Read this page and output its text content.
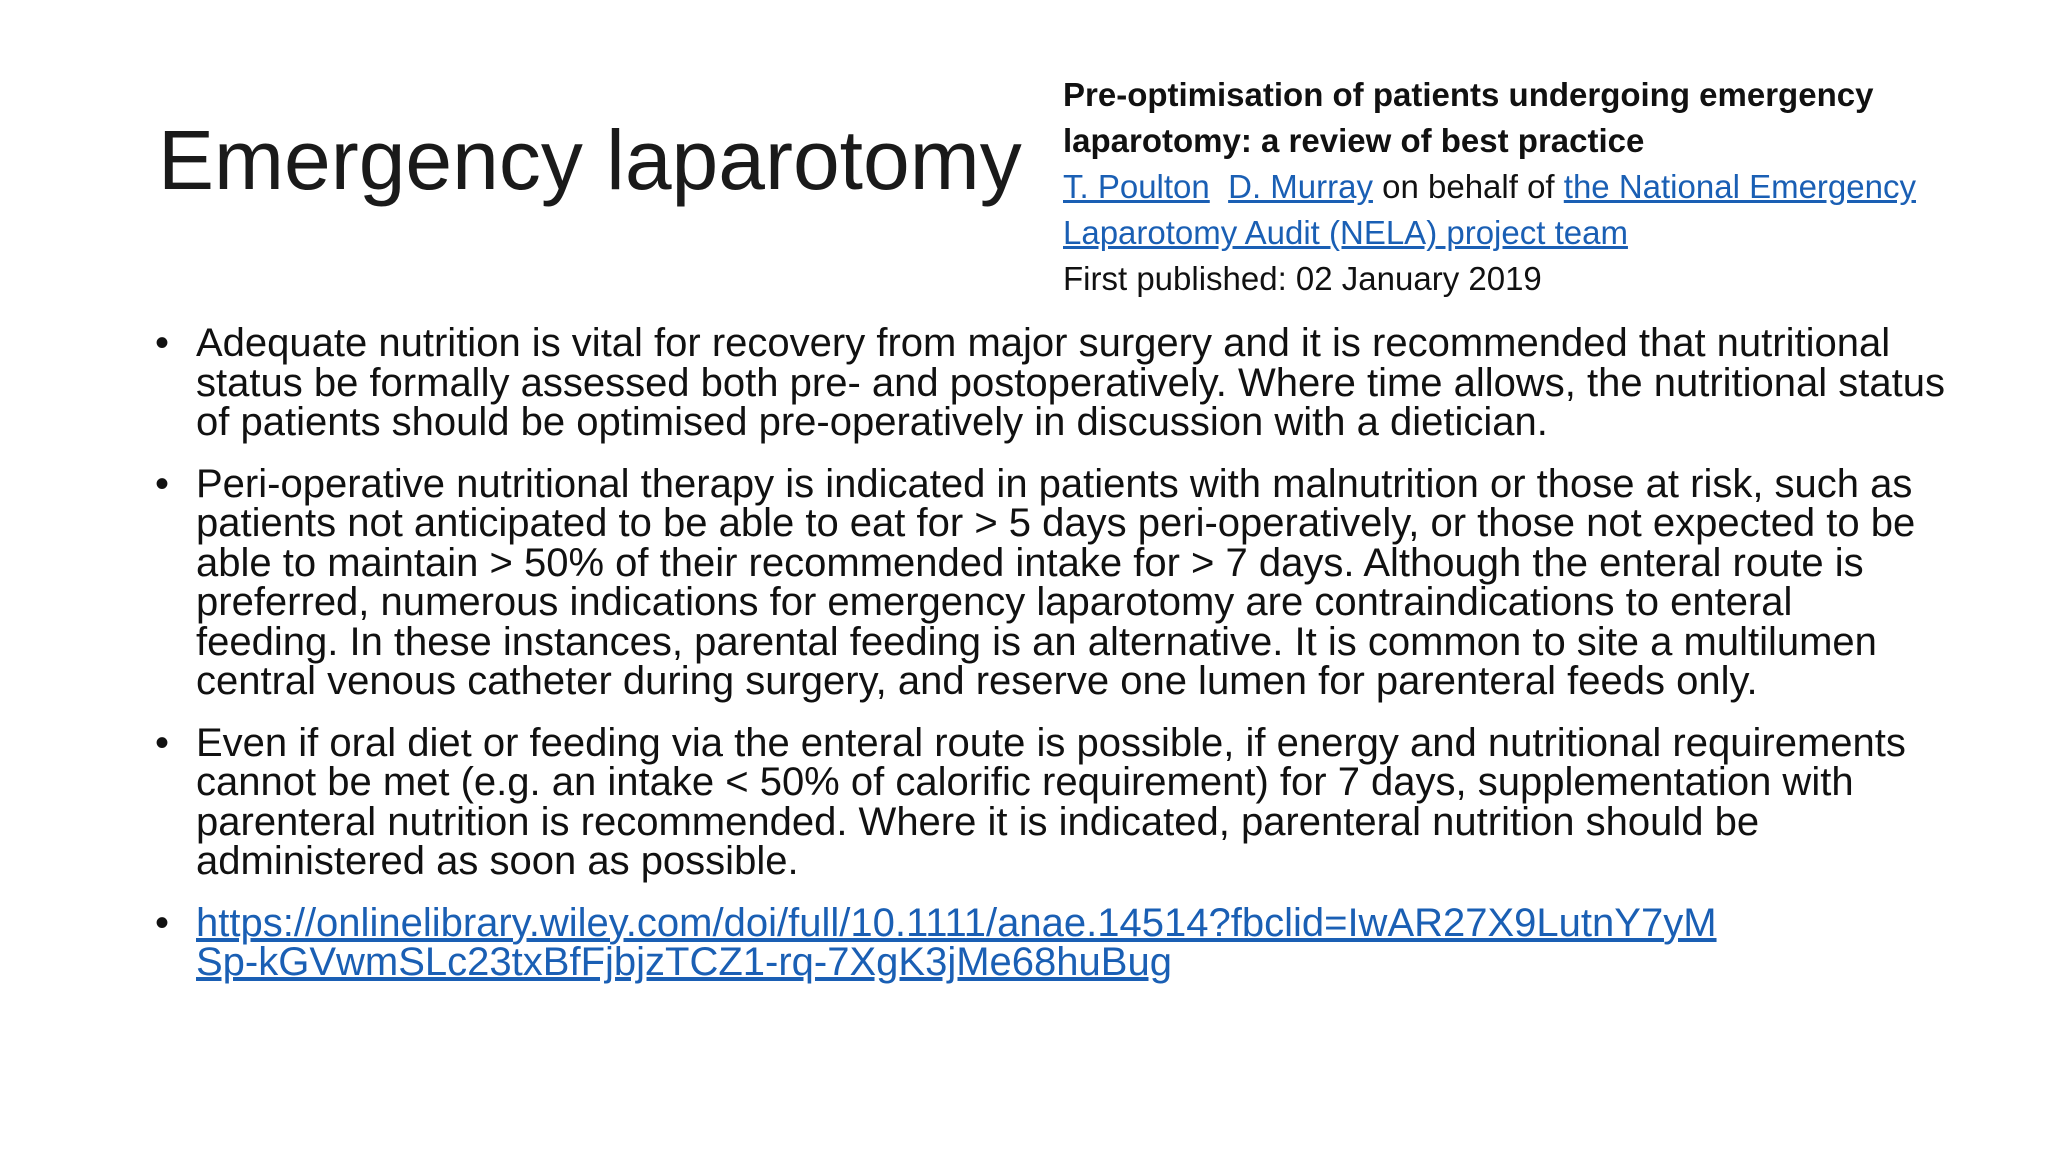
Emergency laparotomy
Pre-optimisation of patients undergoing emergency
laparotomy: a review of best practice
T. Poulton D. Murray on behalf of the National Emergency
Laparotomy Audit (NELA) project team
First published: 02 January 2019
• Adequate nutrition is vital for recovery from major surgery and it is recommended that nutritional status be formally assessed both pre- and postoperatively. Where time allows, the nutritional status of patients should be optimised pre-operatively in discussion with a dietician.
• Peri-operative nutritional therapy is indicated in patients with malnutrition or those at risk, such as patients not anticipated to be able to eat for > 5 days peri-operatively, or those not expected to be able to maintain > 50% of their recommended intake for > 7 days. Although the enteral route is preferred, numerous indications for emergency laparotomy are contraindications to enteral feeding. In these instances, parental feeding is an alternative. It is common to site a multilumen central venous catheter during surgery, and reserve one lumen for parenteral feeds only.
• Even if oral diet or feeding via the enteral route is possible, if energy and nutritional requirements cannot be met (e.g. an intake < 50% of calorific requirement) for 7 days, supplementation with parenteral nutrition is recommended. Where it is indicated, parenteral nutrition should be administered as soon as possible.
• https://onlinelibrary.wiley.com/doi/full/10.1111/anae.14514?fbclid=IwAR27X9LutnY7yM
Sp-kGVwmSLc23txBfFjbjzTCZ1-rq-7XgK3jMe68huBug
